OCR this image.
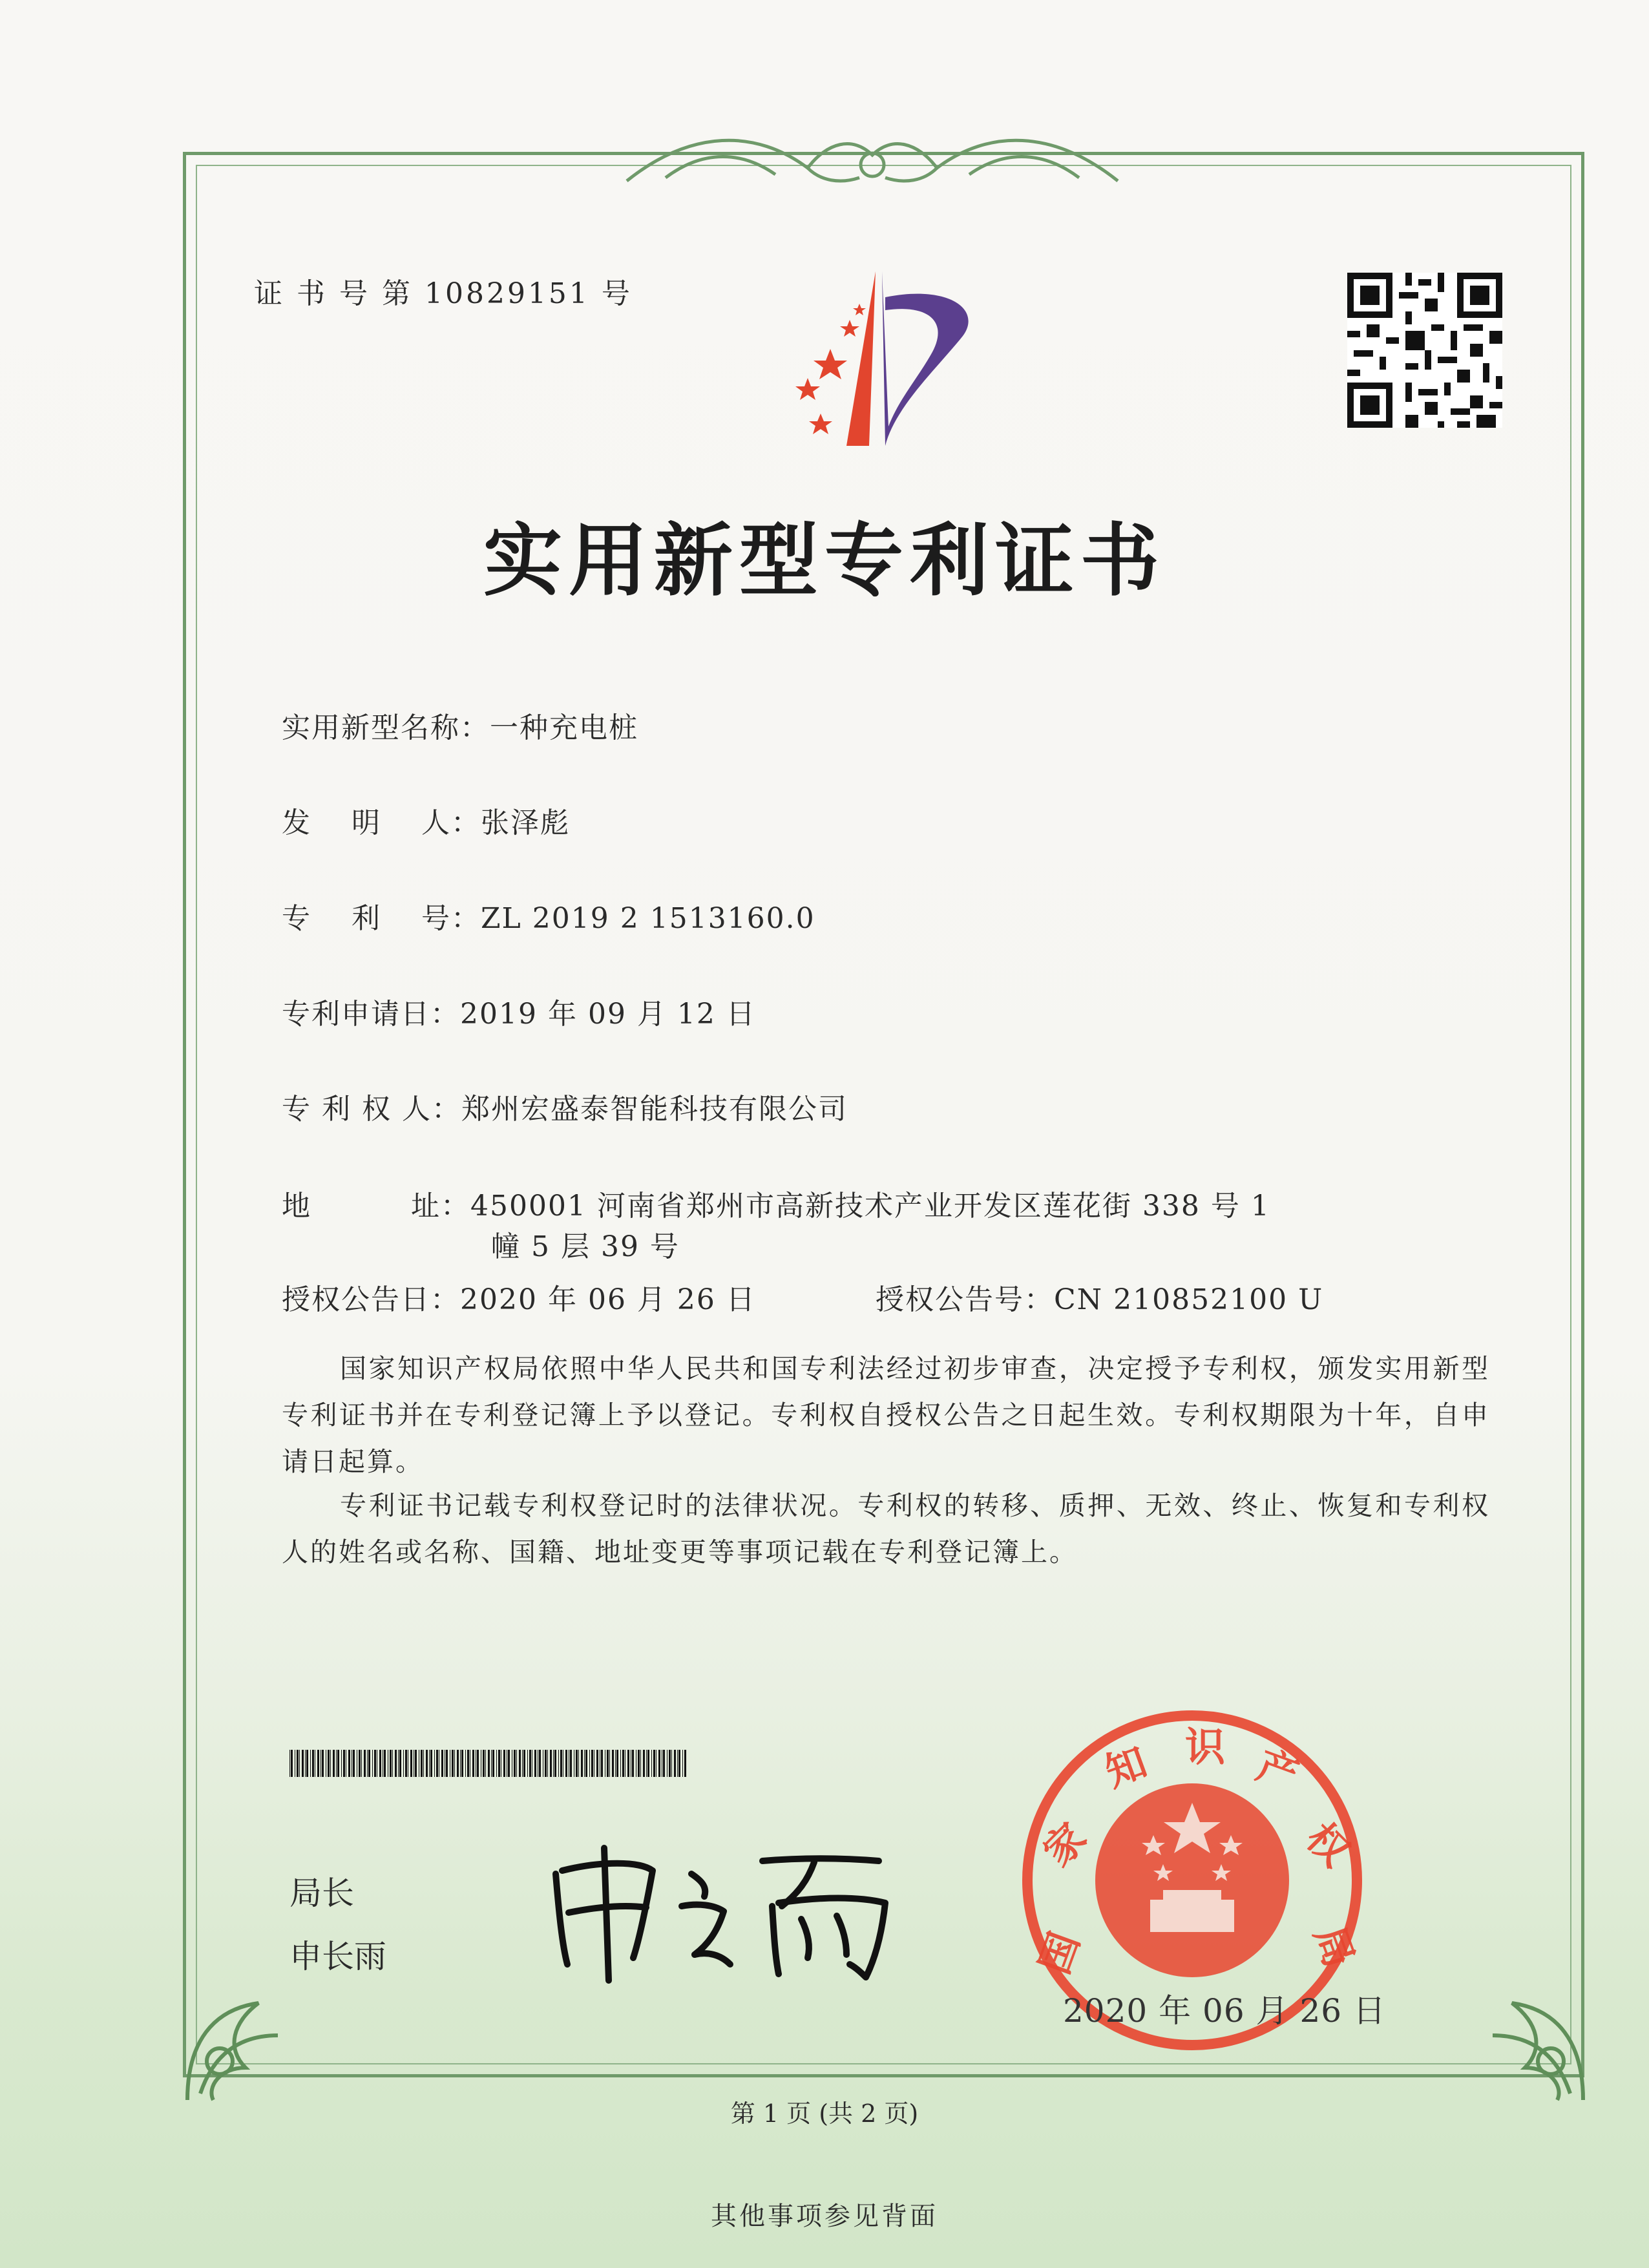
证 书 号 第 10829151 号
实用新型专利证书
实用新型名称：一种充电桩
发　 明　 人：张泽彪
专　 利　 号：ZL 2019 2 1513160.0
专利申请日：2019 年 09 月 12 日
专 利 权 人：郑州宏盛泰智能科技有限公司
地　　　 址：450001 河南省郑州市高新技术产业开发区莲花街 338 号 1
幢 5 层 39 号
授权公告日：2020 年 06 月 26 日	授权公告号：CN 210852100 U
国家知识产权局依照中华人民共和国专利法经过初步审查，决定授予专利权，颁发实用新型专利证书并在专利登记簿上予以登记。专利权自授权公告之日起生效。专利权期限为十年，自申请日起算。
专利证书记载专利权登记时的法律状况。专利权的转移、质押、无效、终止、恢复和专利权人的姓名或名称、国籍、地址变更等事项记载在专利登记簿上。
局长
申长雨	国
家
知 识 产
权
局
2020 年 06 月 26 日
第 1 页 (共 2 页)
其他事项参见背面
